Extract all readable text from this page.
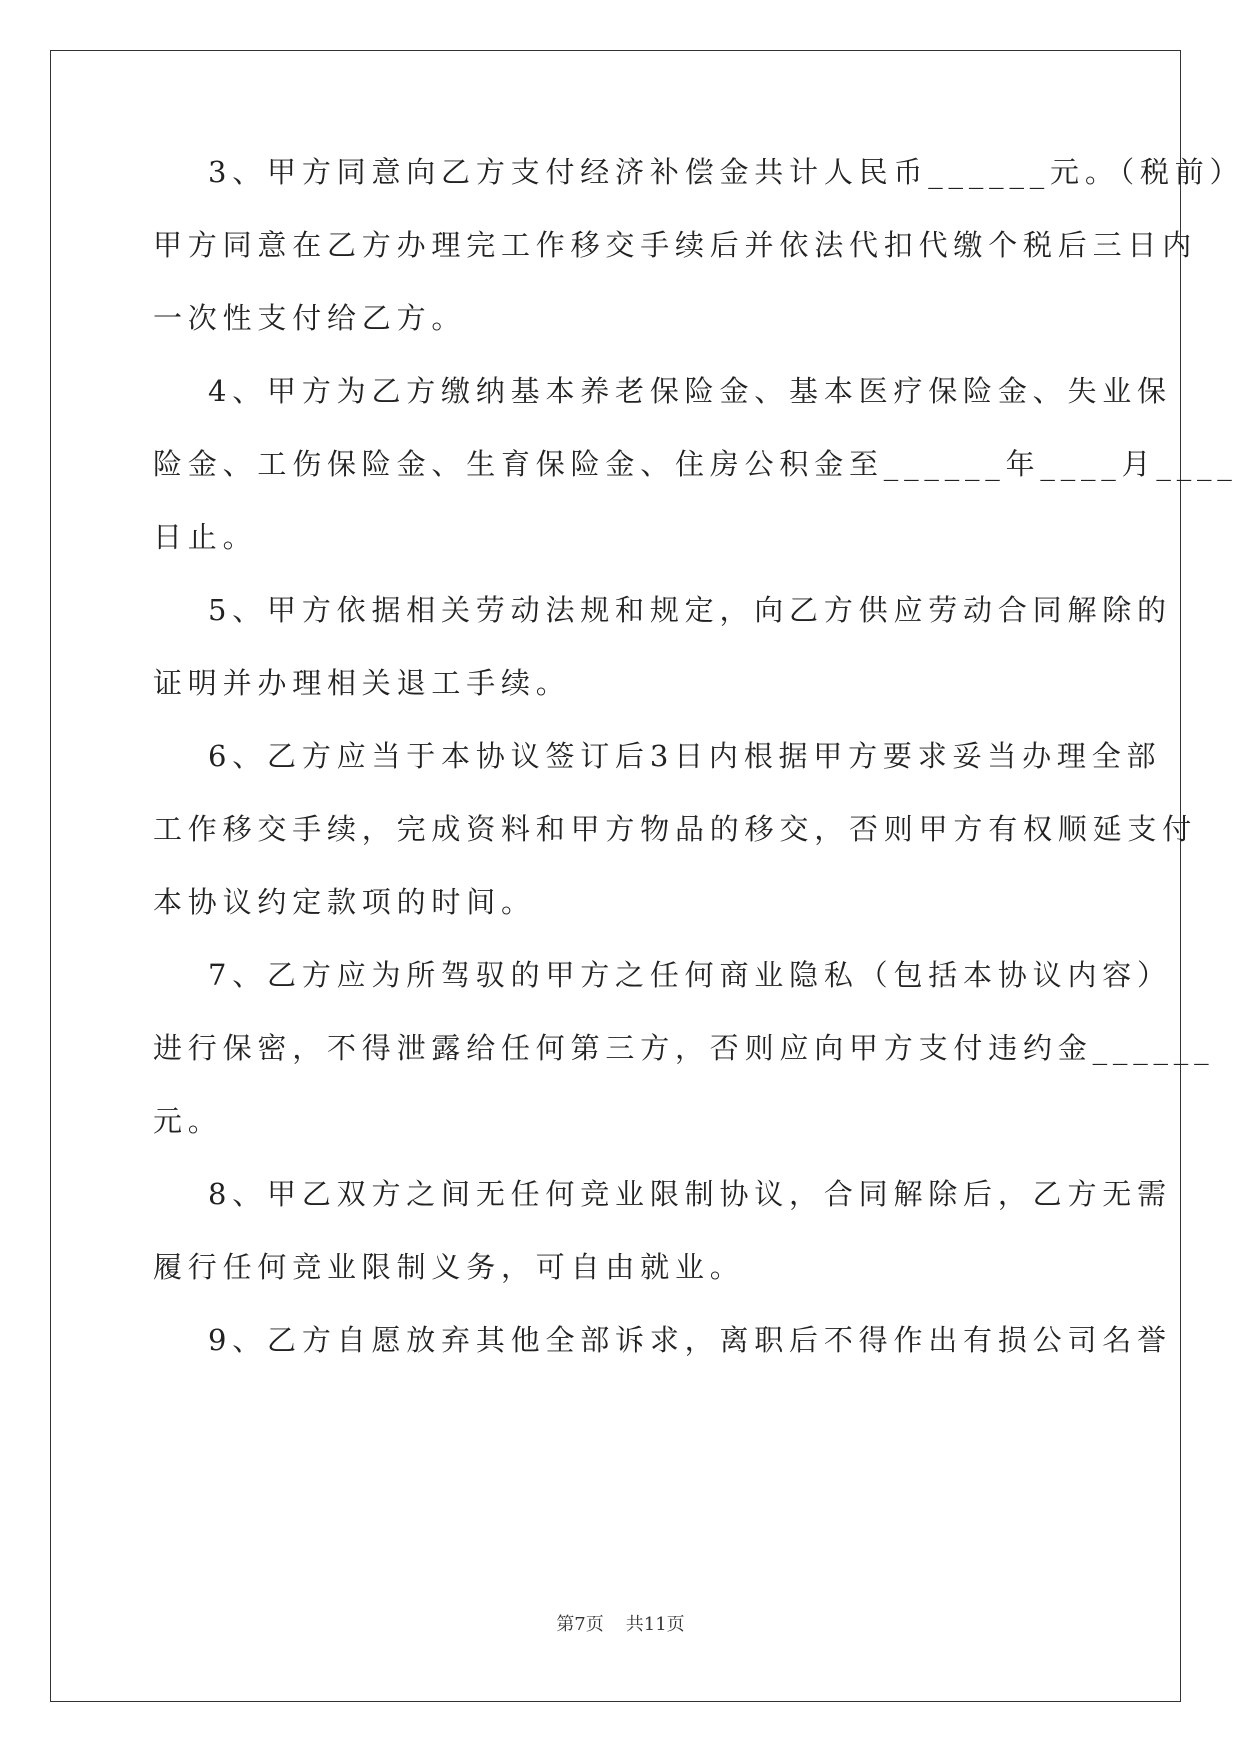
3、甲方同意向乙方支付经济补偿金共计人民币______元。（税前）
甲方同意在乙方办理完工作移交手续后并依法代扣代缴个税后三日内
一次性支付给乙方。
4、甲方为乙方缴纳基本养老保险金、基本医疗保险金、失业保
险金、工伤保险金、生育保险金、住房公积金至______年____月____
日止。
5、甲方依据相关劳动法规和规定，向乙方供应劳动合同解除的
证明并办理相关退工手续。
6、乙方应当于本协议签订后3日内根据甲方要求妥当办理全部
工作移交手续，完成资料和甲方物品的移交，否则甲方有权顺延支付
本协议约定款项的时间。
7、乙方应为所驾驭的甲方之任何商业隐私（包括本协议内容）
进行保密，不得泄露给任何第三方，否则应向甲方支付违约金______
元。
8、甲乙双方之间无任何竞业限制协议，合同解除后，乙方无需
履行任何竞业限制义务，可自由就业。
9、乙方自愿放弃其他全部诉求，离职后不得作出有损公司名誉
第7页 共11页
